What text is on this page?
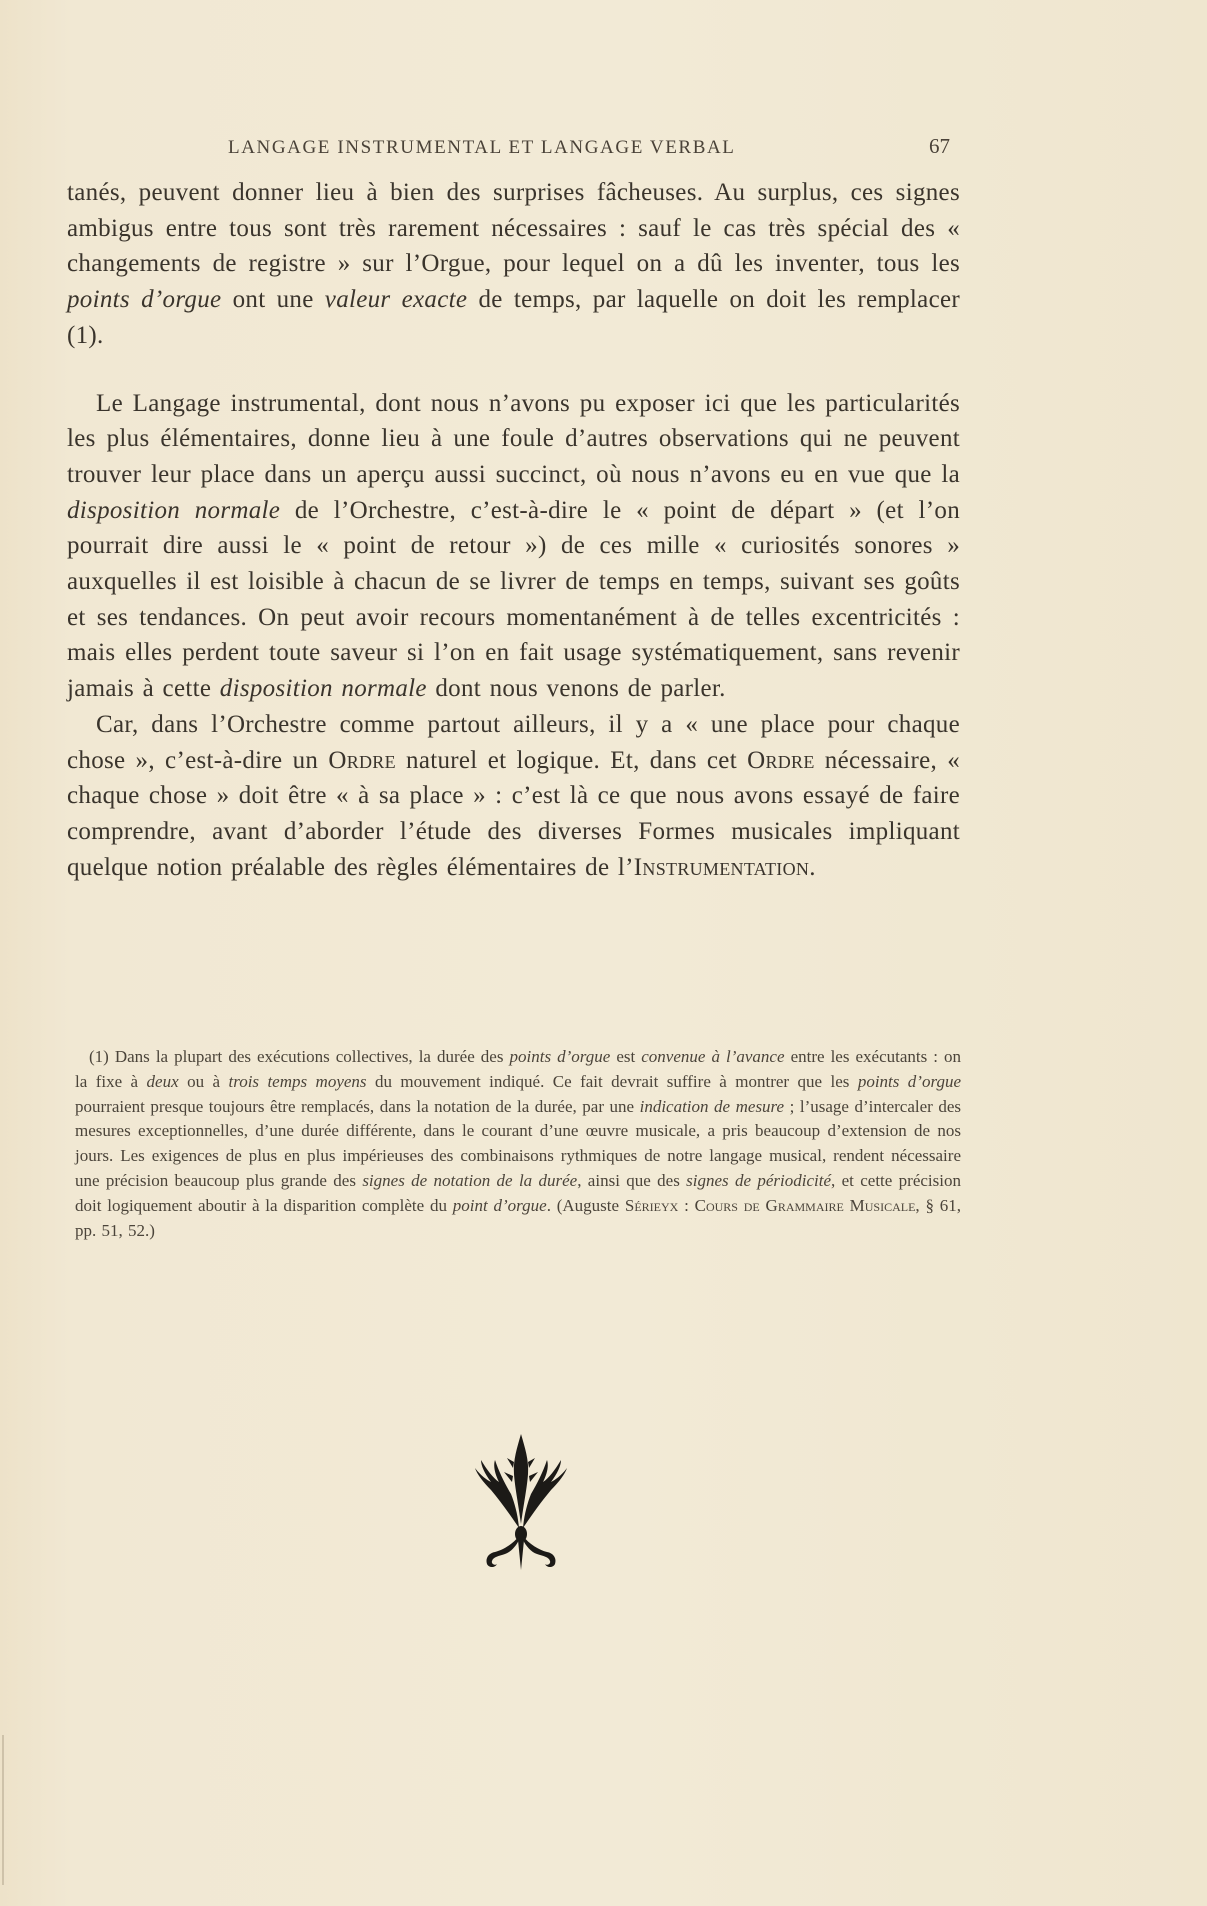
LANGAGE INSTRUMENTAL ET LANGAGE VERBAL	67

tanés, peuvent donner lieu à bien des surprises fâcheuses. Au surplus, ces signes ambigus entre tous sont très rarement nécessaires : sauf le cas très spécial des « changements de registre » sur l’Orgue, pour lequel on a dû les inventer, tous les points d’orgue ont une valeur exacte de temps, par laquelle on doit les remplacer (1).

Le Langage instrumental, dont nous n’avons pu exposer ici que les particularités les plus élémentaires, donne lieu à une foule d’autres observations qui ne peuvent trouver leur place dans un aperçu aussi succinct, où nous n’avons eu en vue que la disposition normale de l’Orchestre, c’est-à-dire le « point de départ » (et l’on pourrait dire aussi le « point de retour ») de ces mille « curiosités sonores » auxquelles il est loisible à chacun de se livrer de temps en temps, suivant ses goûts et ses tendances. On peut avoir recours momentanément à de telles excentricités : mais elles perdent toute saveur si l’on en fait usage systématiquement, sans revenir jamais à cette disposition normale dont nous venons de parler.

Car, dans l’Orchestre comme partout ailleurs, il y a « une place pour chaque chose », c’est-à-dire un Ordre naturel et logique. Et, dans cet Ordre nécessaire, « chaque chose » doit être « à sa place » : c’est là ce que nous avons essayé de faire comprendre, avant d’aborder l’étude des diverses Formes musicales impliquant quelque notion préalable des règles élémentaires de l’Instrumentation.

(1) Dans la plupart des exécutions collectives, la durée des points d’orgue est convenue à l’avance entre les exécutants : on la fixe à deux ou à trois temps moyens du mouvement indiqué. Ce fait devrait suffire à montrer que les points d’orgue pourraient presque toujours être remplacés, dans la notation de la durée, par une indication de mesure ; l’usage d’intercaler des mesures exceptionnelles, d’une durée différente, dans le courant d’une œuvre musicale, a pris beaucoup d’extension de nos jours. Les exigences de plus en plus impérieuses des combinaisons rythmiques de notre langage musical, rendent nécessaire une précision beaucoup plus grande des signes de notation de la durée, ainsi que des signes de périodicité, et cette précision doit logiquement aboutir à la disparition complète du point d’orgue. (Auguste Sérieyx : Cours de Grammaire Musicale, § 61, pp. 51, 52.)
